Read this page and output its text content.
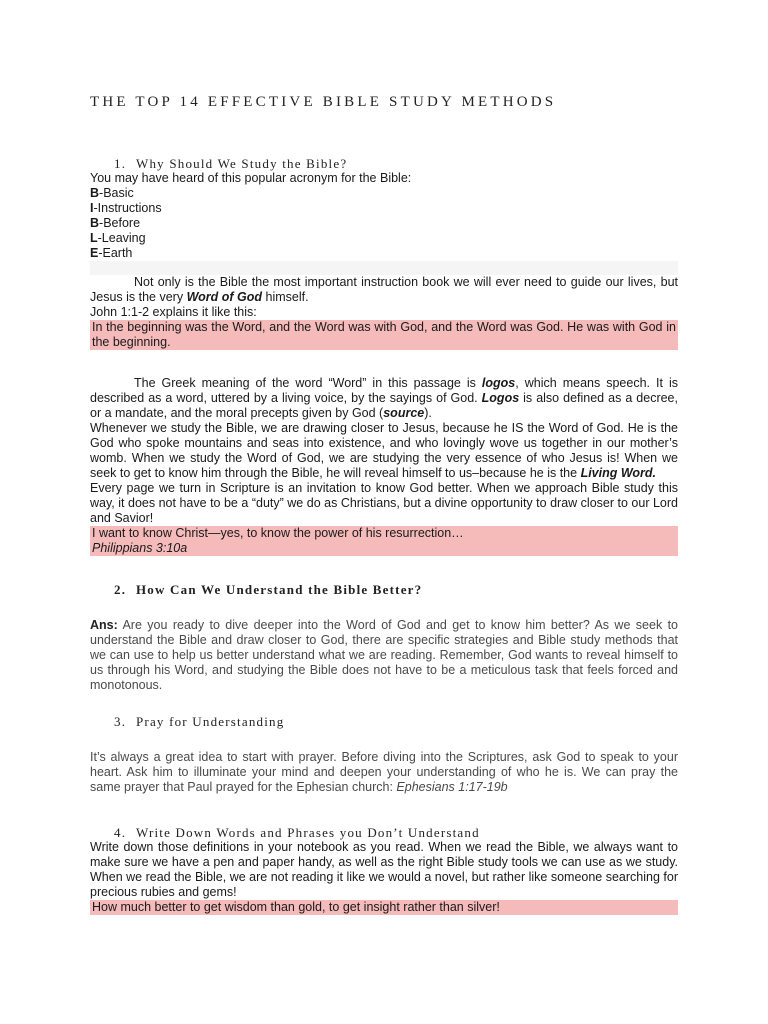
THE TOP 14 EFFECTIVE BIBLE STUDY METHODS
1. Why Should We Study the Bible?

You may have heard of this popular acronym for the Bible:

B-Basic

I-Instructions

B-Before

L-Leaving

E-Earth

Not only is the Bible the most important instruction book we will ever need to guide our lives, but Jesus is the very Word of God himself.

John 1:1-2 explains it like this:

In the beginning was the Word, and the Word was with God, and the Word was God. He was with God in the beginning.

The Greek meaning of the word “Word” in this passage is logos, which means speech. It is described as a word, uttered by a living voice, by the sayings of God. Logos is also defined as a decree, or a mandate, and the moral precepts given by God (source).

Whenever we study the Bible, we are drawing closer to Jesus, because he IS the Word of God. He is the God who spoke mountains and seas into existence, and who lovingly wove us together in our mother’s womb. When we study the Word of God, we are studying the very essence of who Jesus is! When we seek to get to know him through the Bible, he will reveal himself to us–because he is the Living Word.

Every page we turn in Scripture is an invitation to know God better. When we approach Bible study this way, it does not have to be a “duty” we do as Christians, but a divine opportunity to draw closer to our Lord and Savior!

I want to know Christ—yes, to know the power of his resurrection…
Philippians 3:10a
2. How Can We Understand the Bible Better?

Ans: Are you ready to dive deeper into the Word of God and get to know him better? As we seek to understand the Bible and draw closer to God, there are specific strategies and Bible study methods that we can use to help us better understand what we are reading. Remember, God wants to reveal himself to us through his Word, and studying the Bible does not have to be a meticulous task that feels forced and monotonous.

3. Pray for Understanding

It’s always a great idea to start with prayer. Before diving into the Scriptures, ask God to speak to your heart. Ask him to illuminate your mind and deepen your understanding of who he is. We can pray the same prayer that Paul prayed for the Ephesian church: Ephesians 1:17-19b

4. Write Down Words and Phrases you Don’t Understand

Write down those definitions in your notebook as you read. When we read the Bible, we always want to make sure we have a pen and paper handy, as well as the right Bible study tools we can use as we study. When we read the Bible, we are not reading it like we would a novel, but rather like someone searching for precious rubies and gems!

How much better to get wisdom than gold, to get insight rather than silver!
